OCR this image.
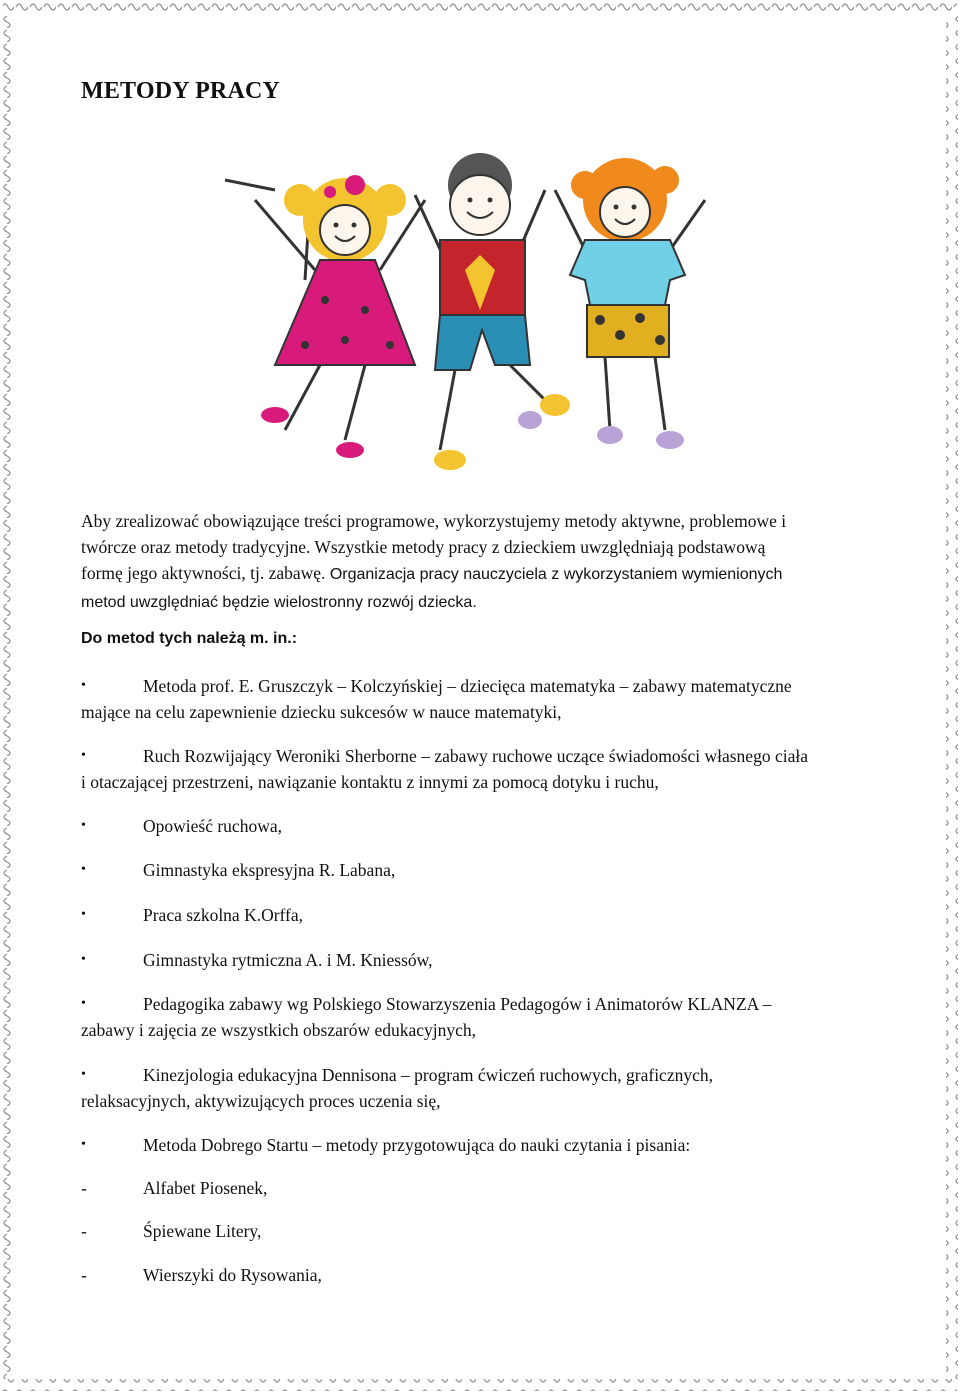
METODY PRACY

Aby zrealizować obowiązujące treści programowe, wykorzystujemy metody aktywne, problemowe i
twórcze oraz metody tradycyjne. Wszystkie metody pracy z dzieckiem uwzględniają podstawową
formę jego aktywności, tj. zabawę. Organizacja pracy nauczyciela z wykorzystaniem wymienionych
metod uwzględniać będzie wielostronny rozwój dziecka.

Do metod tych należą m. in.:

•	Metoda prof. E. Gruszczyk – Kolczyńskiej – dziecięca matematyka – zabawy matematyczne
mające na celu zapewnienie dziecku sukcesów w nauce matematyki,
•	Ruch Rozwijający Weroniki Sherborne – zabawy ruchowe uczące świadomości własnego ciała
i otaczającej przestrzeni, nawiązanie kontaktu z innymi za pomocą dotyku i ruchu,
•	Opowieść ruchowa,
•	Gimnastyka ekspresyjna R. Labana,
•	Praca szkolna K.Orffa,
•	Gimnastyka rytmiczna A. i M. Kniessów,
•	Pedagogika zabawy wg Polskiego Stowarzyszenia Pedagogów i Animatorów KLANZA –
zabawy i zajęcia ze wszystkich obszarów edukacyjnych,
•	Kinezjologia edukacyjna Dennisona – program ćwiczeń ruchowych, graficznych,
relaksacyjnych, aktywizujących proces uczenia się,
•	Metoda Dobrego Startu – metody przygotowująca do nauki czytania i pisania:
-	Alfabet Piosenek,
-	Śpiewane Litery,
-	Wierszyki do Rysowania,
